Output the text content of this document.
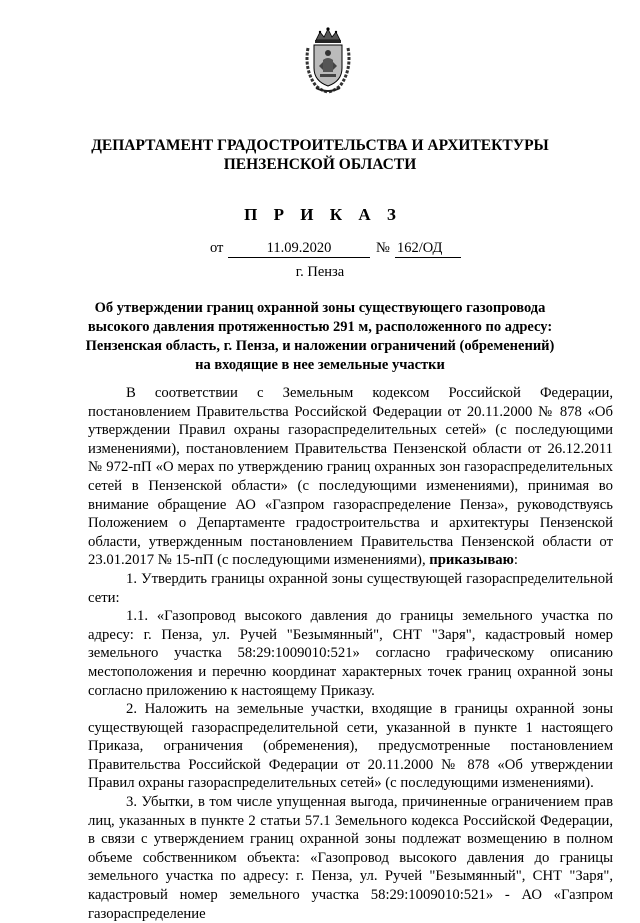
ДЕПАРТАМЕНТ ГРАДОСТРОИТЕЛЬСТВА И АРХИТЕКТУРЫ
ПЕНЗЕНСКОЙ ОБЛАСТИ
П Р И К А З
от	11.09.2020	№ 162/ОД
г. Пенза
Об утверждении границ охранной зоны существующего газопровода
высокого давления протяженностью 291 м, расположенного по адресу:
Пензенская область, г. Пенза, и наложении ограничений (обременений)
на входящие в нее земельные участки

В соответствии с Земельным кодексом Российской Федерации, постановлением Правительства Российской Федерации от 20.11.2000 № 878 «Об утверждении Правил охраны газораспределительных сетей» (с последующими изменениями), постановлением Правительства Пензенской области от 26.12.2011 № 972-пП «О мерах по утверждению границ охранных зон газораспределительных сетей в Пензенской области» (с последующими изменениями), принимая во внимание обращение АО «Газпром газораспределение Пенза», руководствуясь Положением о Департаменте градостроительства и архитектуры Пензенской области, утвержденным постановлением Правительства Пензенской области от 23.01.2017 № 15-пП (с последующими изменениями), приказываю:

1. Утвердить границы охранной зоны существующей газораспределительной сети:

1.1. «Газопровод высокого давления до границы земельного участка по адресу: г. Пенза, ул. Ручей "Безымянный", СНТ "Заря", кадастровый номер земельного участка 58:29:1009010:521» согласно графическому описанию местоположения и перечню координат характерных точек границ охранной зоны согласно приложению к настоящему Приказу.

2. Наложить на земельные участки, входящие в границы охранной зоны существующей газораспределительной сети, указанной в пункте 1 настоящего Приказа, ограничения (обременения), предусмотренные постановлением Правительства Российской Федерации от 20.11.2000 № 878 «Об утверждении Правил охраны газораспределительных сетей» (с последующими изменениями).

3. Убытки, в том числе упущенная выгода, причиненные ограничением прав лиц, указанных в пункте 2 статьи 57.1 Земельного кодекса Российской Федерации, в связи с утверждением границ охранной зоны подлежат возмещению в полном объеме собственником объекта: «Газопровод высокого давления до границы земельного участка по адресу: г. Пенза, ул. Ручей "Безымянный", СНТ "Заря", кадастровый номер земельного участка 58:29:1009010:521» - АО «Газпром газораспределение
